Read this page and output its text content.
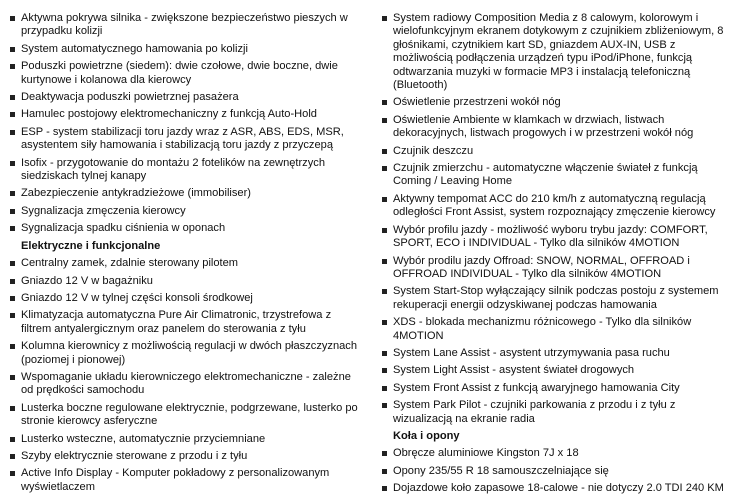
Aktywna pokrywa silnika - zwiększone bezpieczeństwo pieszych w przypadku kolizji
System automatycznego hamowania po kolizji
Poduszki powietrzne (siedem): dwie czołowe, dwie boczne, dwie kurtynowe i kolanowa dla kierowcy
Deaktywacja poduszki powietrznej pasażera
Hamulec postojowy elektromechaniczny z funkcją Auto-Hold
ESP - system stabilizacji toru jazdy wraz z ASR, ABS, EDS, MSR, asystentem siły hamowania i stabilizacją toru jazdy z przyczepą
Isofix - przygotowanie do montażu 2 fotelików na zewnętrzych siedziskach tylnej kanapy
Zabezpieczenie antykradzieżowe (immobiliser)
Sygnalizacja zmęczenia kierowcy
Sygnalizacja spadku ciśnienia w oponach
Elektryczne i funkcjonalne
Centralny zamek, zdalnie sterowany pilotem
Gniazdo 12 V w bagażniku
Gniazdo 12 V w tylnej części konsoli środkowej
Klimatyzacja automatyczna Pure Air Climatronic, trzystrefowa z filtrem antyalergicznym oraz panelem do sterowania z tyłu
Kolumna kierownicy z możliwością regulacji w dwóch płaszczyznach (poziomej i pionowej)
Wspomaganie układu kierowniczego elektromechaniczne - zależne od prędkości samochodu
Lusterka boczne regulowane elektrycznie, podgrzewane, lusterko po stronie kierowcy asferyczne
Lusterko wsteczne, automatycznie przyciemniane
Szyby elektrycznie sterowane z przodu i z tyłu
Active Info Display - Komputer pokładowy z personalizowanym wyświetlaczem
System radiowy Composition Media z 8 calowym, kolorowym i wielofunkcyjnym ekranem dotykowym z czujnikiem zbliżeniowym, 8 głośnikami, czytnikiem kart SD, gniazdem AUX-IN, USB z możliwością podłączenia urządzeń typu iPod/iPhone, funkcją odtwarzania muzyki w formacie MP3 i instalacją telefoniczną (Bluetooth)
Oświetlenie przestrzeni wokół nóg
Oświetlenie Ambiente w klamkach w drzwiach, listwach dekoracyjnych, listwach progowych i w przestrzeni wokół nóg
Czujnik deszczu
Czujnik zmierzchu - automatyczne włączenie świateł z funkcją Coming / Leaving Home
Aktywny tempomat ACC do 210 km/h z automatyczną regulacją odległości Front Assist, system rozpoznający zmęczenie kierowcy
Wybór profilu jazdy - możliwość wyboru trybu jazdy: COMFORT, SPORT, ECO i INDIVIDUAL - Tylko dla silników 4MOTION
Wybór prodilu jazdy Offroad: SNOW, NORMAL, OFFROAD i OFFROAD INDIVIDUAL - Tylko dla silników 4MOTION
System Start-Stop wyłączający silnik podczas postoju z systemem rekuperacji energii odzyskiwanej podczas hamowania
XDS - blokada mechanizmu różnicowego - Tylko dla silników 4MOTION
System Lane Assist - asystent utrzymywania pasa ruchu
System Light Assist - asystent świateł drogowych
System Front Assist z funkcją awaryjnego hamowania City
System Park Pilot - czujniki parkowania z przodu i z tyłu z wizualizacją na ekranie radia
Koła i opony
Obręcze aluminiowe Kingston 7J x 18
Opony 235/55 R 18 samouszczelniające się
Dojazdowe koło zapasowe 18-calowe - nie dotyczy 2.0 TDI 240 KM
